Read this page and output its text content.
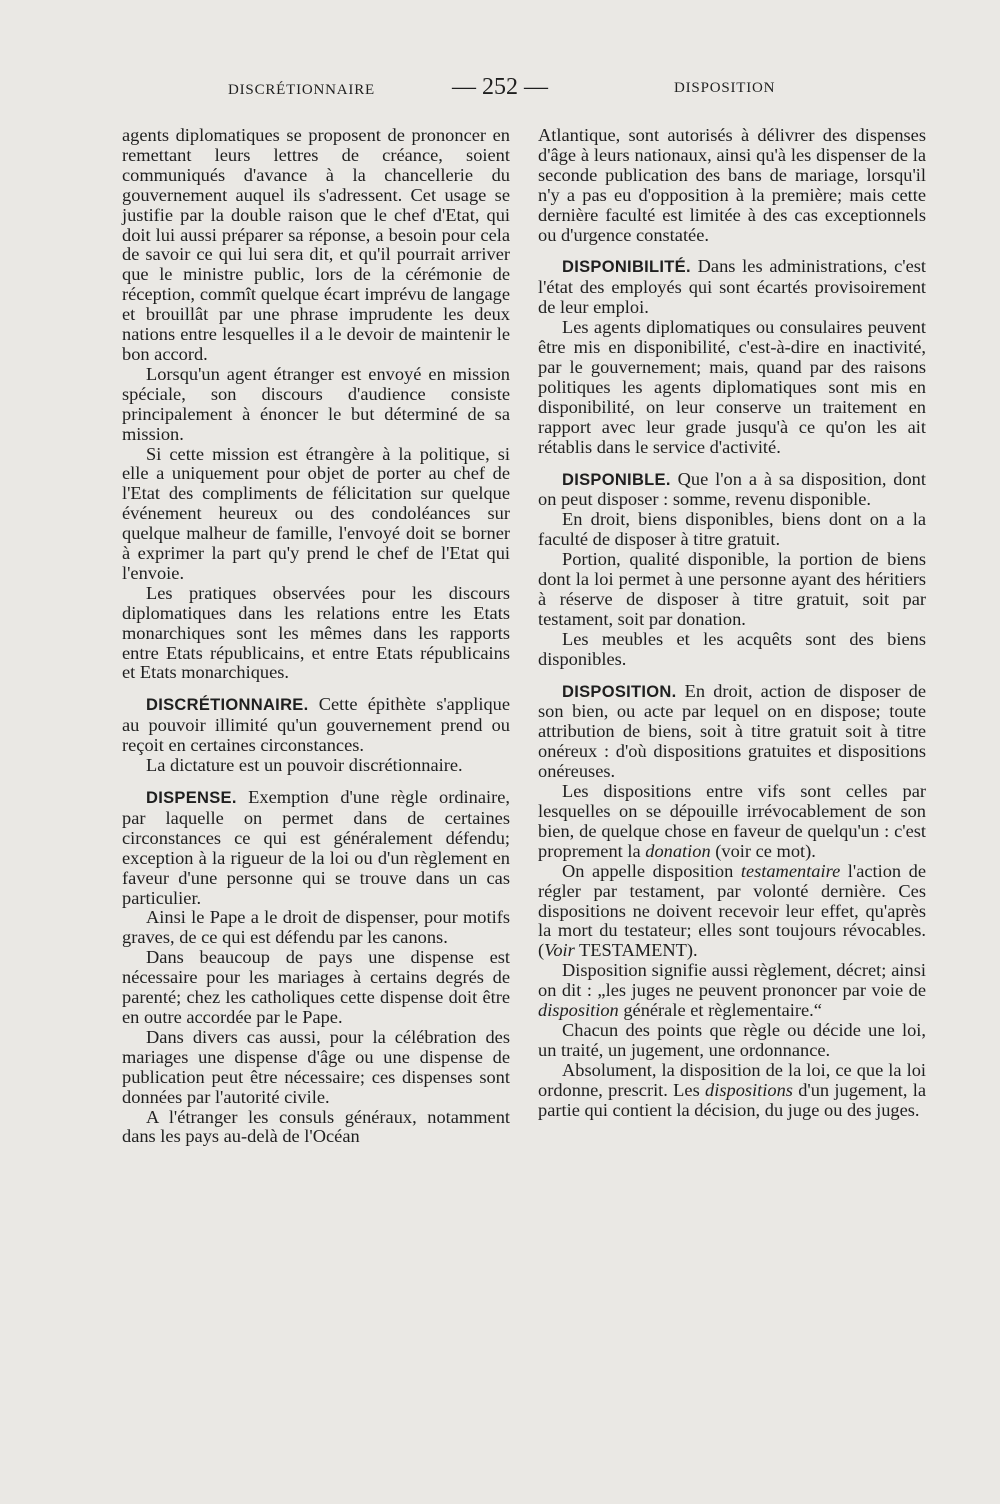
DISCRÉTIONNAIRE	— 252 —	DISPOSITION

agents diplomatiques se proposent de prononcer en remettant leurs lettres de créance, soient communiqués d'avance à la chancellerie du gouvernement auquel ils s'adressent. Cet usage se justifie par la double raison que le chef d'Etat, qui doit lui aussi préparer sa réponse, a besoin pour cela de savoir ce qui lui sera dit, et qu'il pourrait arriver que le ministre public, lors de la cérémonie de réception, commît quelque écart imprévu de langage et brouillât par une phrase imprudente les deux nations entre lesquelles il a le devoir de maintenir le bon accord.

Lorsqu'un agent étranger est envoyé en mission spéciale, son discours d'audience consiste principalement à énoncer le but déterminé de sa mission.

Si cette mission est étrangère à la politique, si elle a uniquement pour objet de porter au chef de l'Etat des compliments de félicitation sur quelque événement heureux ou des condoléances sur quelque malheur de famille, l'envoyé doit se borner à exprimer la part qu'y prend le chef de l'Etat qui l'envoie.

Les pratiques observées pour les discours diplomatiques dans les relations entre les Etats monarchiques sont les mêmes dans les rapports entre Etats républicains, et entre Etats républicains et Etats monarchiques.

DISCRÉTIONNAIRE. Cette épithète s'applique au pouvoir illimité qu'un gouvernement prend ou reçoit en certaines circonstances.

La dictature est un pouvoir discrétionnaire.

DISPENSE. Exemption d'une règle ordinaire, par laquelle on permet dans de certaines circonstances ce qui est généralement défendu; exception à la rigueur de la loi ou d'un règlement en faveur d'une personne qui se trouve dans un cas particulier.

Ainsi le Pape a le droit de dispenser, pour motifs graves, de ce qui est défendu par les canons.

Dans beaucoup de pays une dispense est nécessaire pour les mariages à certains degrés de parenté; chez les catholiques cette dispense doit être en outre accordée par le Pape.

Dans divers cas aussi, pour la célébration des mariages une dispense d'âge ou une dispense de publication peut être nécessaire; ces dispenses sont données par l'autorité civile.

A l'étranger les consuls généraux, notamment dans les pays au-delà de l'Océan

Atlantique, sont autorisés à délivrer des dispenses d'âge à leurs nationaux, ainsi qu'à les dispenser de la seconde publication des bans de mariage, lorsqu'il n'y a pas eu d'opposition à la première; mais cette dernière faculté est limitée à des cas exceptionnels ou d'urgence constatée.

DISPONIBILITÉ. Dans les administrations, c'est l'état des employés qui sont écartés provisoirement de leur emploi.

Les agents diplomatiques ou consulaires peuvent être mis en disponibilité, c'est-à-dire en inactivité, par le gouvernement; mais, quand par des raisons politiques les agents diplomatiques sont mis en disponibilité, on leur conserve un traitement en rapport avec leur grade jusqu'à ce qu'on les ait rétablis dans le service d'activité.

DISPONIBLE. Que l'on a à sa disposition, dont on peut disposer : somme, revenu disponible.

En droit, biens disponibles, biens dont on a la faculté de disposer à titre gratuit.

Portion, qualité disponible, la portion de biens dont la loi permet à une personne ayant des héritiers à réserve de disposer à titre gratuit, soit par testament, soit par donation.

Les meubles et les acquêts sont des biens disponibles.

DISPOSITION. En droit, action de disposer de son bien, ou acte par lequel on en dispose; toute attribution de biens, soit à titre gratuit soit à titre onéreux : d'où dispositions gratuites et dispositions onéreuses.

Les dispositions entre vifs sont celles par lesquelles on se dépouille irrévocablement de son bien, de quelque chose en faveur de quelqu'un : c'est proprement la donation (voir ce mot).

On appelle disposition testamentaire l'action de régler par testament, par volonté dernière. Ces dispositions ne doivent recevoir leur effet, qu'après la mort du testateur; elles sont toujours révocables. (Voir TESTAMENT).

Disposition signifie aussi règlement, décret; ainsi on dit : „les juges ne peuvent prononcer par voie de disposition générale et règlementaire.“

Chacun des points que règle ou décide une loi, un traité, un jugement, une ordonnance.

Absolument, la disposition de la loi, ce que la loi ordonne, prescrit. Les dispositions d'un jugement, la partie qui contient la décision, du juge ou des juges.
